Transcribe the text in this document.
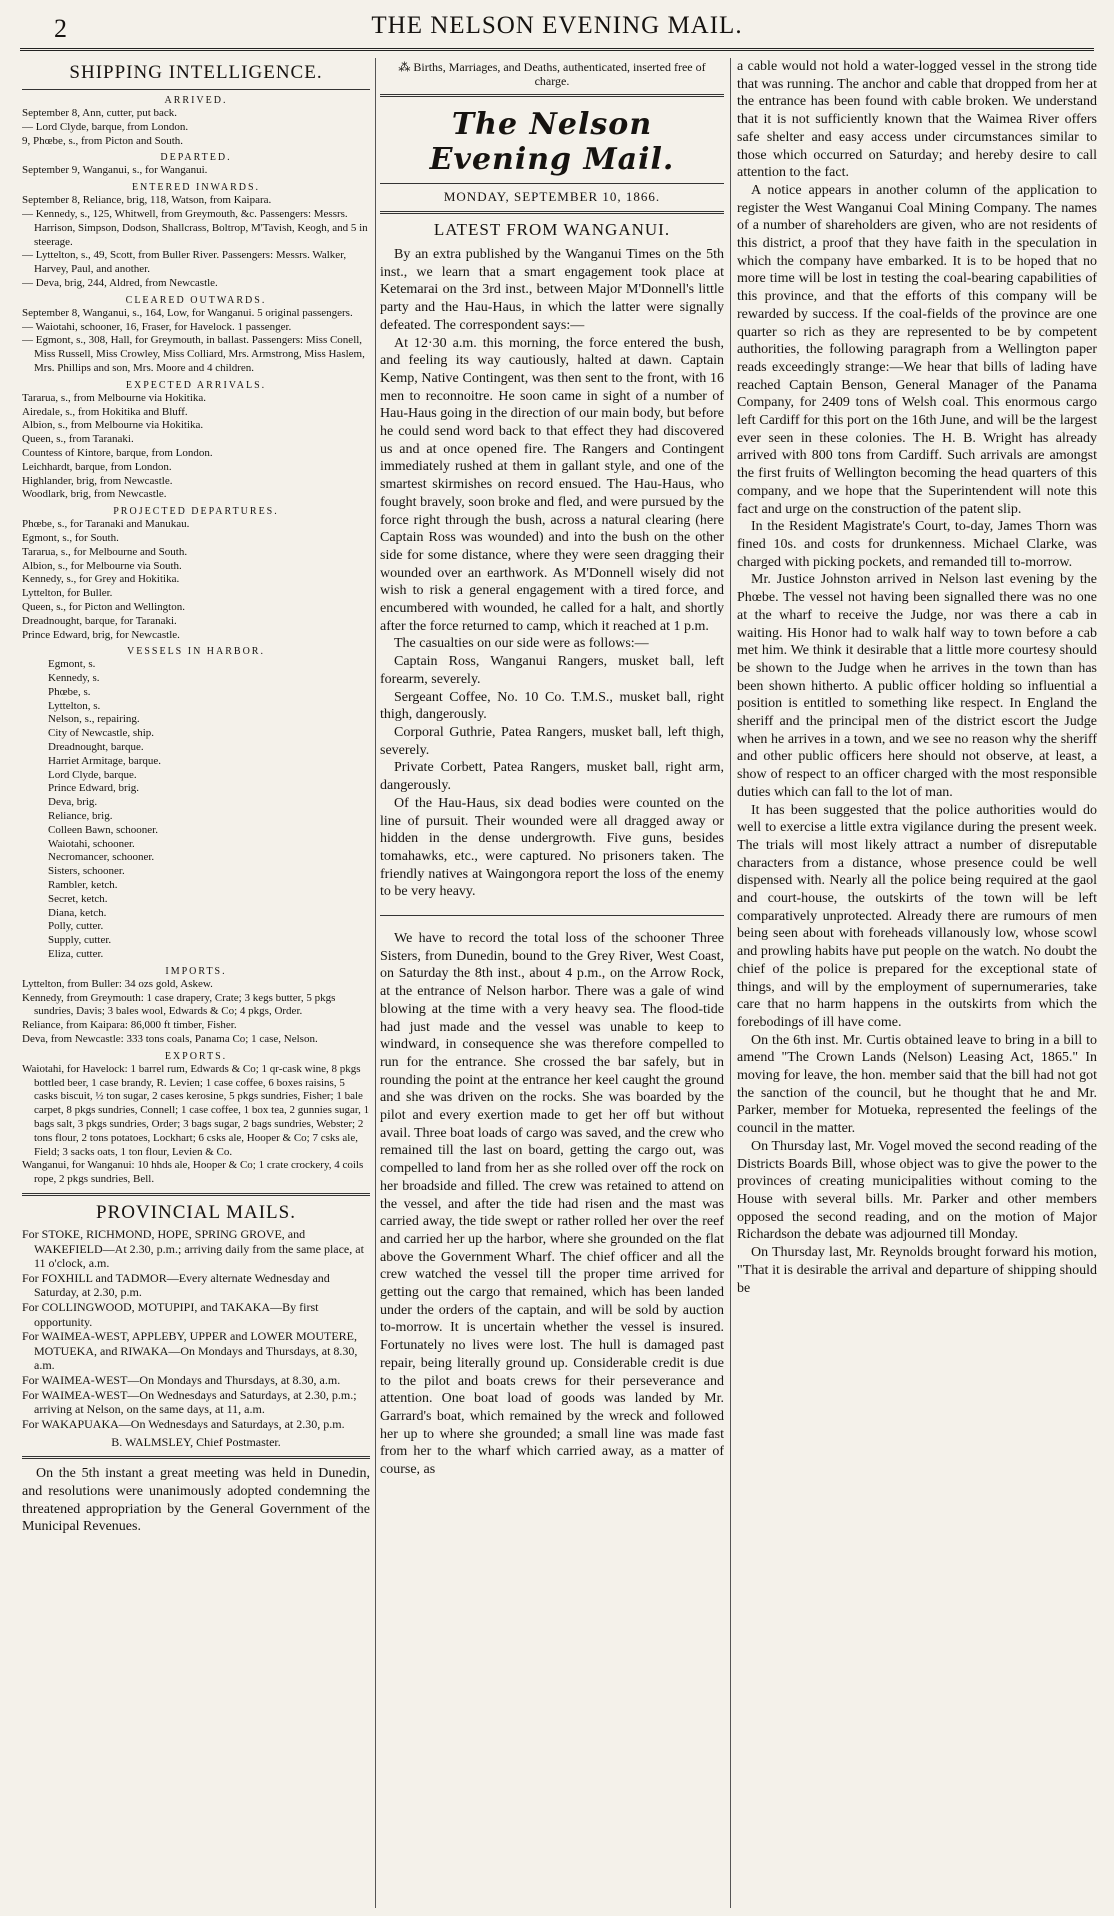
2	THE NELSON EVENING MAIL.
SHIPPING INTELLIGENCE.
ARRIVED.

September 8, Ann, cutter, put back.

— Lord Clyde, barque, from London.

9, Phœbe, s., from Picton and South.

DEPARTED.

September 9, Wanganui, s., for Wanganui.

ENTERED INWARDS.

September 8, Reliance, brig, 118, Watson, from Kaipara.

— Kennedy, s., 125, Whitwell, from Greymouth, &c. Passengers: Messrs. Harrison, Simpson, Dodson, Shallcrass, Boltrop, M'Tavish, Keogh, and 5 in steerage.

— Lyttelton, s., 49, Scott, from Buller River. Passengers: Messrs. Walker, Harvey, Paul, and another.

— Deva, brig, 244, Aldred, from Newcastle.

CLEARED OUTWARDS.

September 8, Wanganui, s., 164, Low, for Wanganui. 5 original passengers.

— Waiotahi, schooner, 16, Fraser, for Havelock. 1 passenger.

— Egmont, s., 308, Hall, for Greymouth, in ballast. Passengers: Miss Conell, Miss Russell, Miss Crowley, Miss Colliard, Mrs. Armstrong, Miss Haslem, Mrs. Phillips and son, Mrs. Moore and 4 children.

EXPECTED ARRIVALS.

Tararua, s., from Melbourne via Hokitika.

Airedale, s., from Hokitika and Bluff.

Albion, s., from Melbourne via Hokitika.

Queen, s., from Taranaki.

Countess of Kintore, barque, from London.

Leichhardt, barque, from London.

Highlander, brig, from Newcastle.

Woodlark, brig, from Newcastle.

PROJECTED DEPARTURES.

Phœbe, s., for Taranaki and Manukau.

Egmont, s., for South.

Tararua, s., for Melbourne and South.

Albion, s., for Melbourne via South.

Kennedy, s., for Grey and Hokitika.

Lyttelton, for Buller.

Queen, s., for Picton and Wellington.

Dreadnought, barque, for Taranaki.

Prince Edward, brig, for Newcastle.

VESSELS IN HARBOR.

Egmont, s.

Kennedy, s.

Phœbe, s.

Lyttelton, s.

Nelson, s., repairing.

City of Newcastle, ship.

Dreadnought, barque.

Harriet Armitage, barque.

Lord Clyde, barque.

Prince Edward, brig.

Deva, brig.

Reliance, brig.

Colleen Bawn, schooner.

Waiotahi, schooner.

Necromancer, schooner.

Sisters, schooner.

Rambler, ketch.

Secret, ketch.

Diana, ketch.

Polly, cutter.

Supply, cutter.

Eliza, cutter.

IMPORTS.

Lyttelton, from Buller: 34 ozs gold, Askew.

Kennedy, from Greymouth: 1 case drapery, Crate; 3 kegs butter, 5 pkgs sundries, Davis; 3 bales wool, Edwards & Co; 4 pkgs, Order.

Reliance, from Kaipara: 86,000 ft timber, Fisher.

Deva, from Newcastle: 333 tons coals, Panama Co; 1 case, Nelson.

EXPORTS.

Waiotahi, for Havelock: 1 barrel rum, Edwards & Co; 1 qr-cask wine, 8 pkgs bottled beer, 1 case brandy, R. Levien; 1 case coffee, 6 boxes raisins, 5 casks biscuit, ½ ton sugar, 2 cases kerosine, 5 pkgs sundries, Fisher; 1 bale carpet, 8 pkgs sundries, Connell; 1 case coffee, 1 box tea, 2 gunnies sugar, 1 bags salt, 3 pkgs sundries, Order; 3 bags sugar, 2 bags sundries, Webster; 2 tons flour, 2 tons potatoes, Lockhart; 6 csks ale, Hooper & Co; 7 csks ale, Field; 3 sacks oats, 1 ton flour, Levien & Co.

Wanganui, for Wanganui: 10 hhds ale, Hooper & Co; 1 crate crockery, 4 coils rope, 2 pkgs sundries, Bell.

PROVINCIAL MAILS.

For STOKE, RICHMOND, HOPE, SPRING GROVE, and WAKEFIELD—At 2.30, p.m.; arriving daily from the same place, at 11 o'clock, a.m.

For FOXHILL and TADMOR—Every alternate Wednesday and Saturday, at 2.30, p.m.

For COLLINGWOOD, MOTUPIPI, and TAKAKA—By first opportunity.

For WAIMEA-WEST, APPLEBY, UPPER and LOWER MOUTERE, MOTUEKA, and RIWAKA—On Mondays and Thursdays, at 8.30, a.m.

For WAIMEA-WEST—On Mondays and Thursdays, at 8.30, a.m.

For WAIMEA-WEST—On Wednesdays and Saturdays, at 2.30, p.m.; arriving at Nelson, on the same days, at 11, a.m.

For WAKAPUAKA—On Wednesdays and Saturdays, at 2.30, p.m.

B. WALMSLEY, Chief Postmaster.

On the 5th instant a great meeting was held in Dunedin, and resolutions were unanimously adopted condemning the threatened appropriation by the General Government of the Municipal Revenues.

⁂ Births, Marriages, and Deaths, authenticated, inserted free of charge.

The Nelson Evening Mail.
MONDAY, SEPTEMBER 10, 1866.
LATEST FROM WANGANUI.

By an extra published by the Wanganui Times on the 5th inst., we learn that a smart engagement took place at Ketemarai on the 3rd inst., between Major M'Donnell's little party and the Hau-Haus, in which the latter were signally defeated. The correspondent says:—

At 12·30 a.m. this morning, the force entered the bush, and feeling its way cautiously, halted at dawn. Captain Kemp, Native Contingent, was then sent to the front, with 16 men to reconnoitre. He soon came in sight of a number of Hau-Haus going in the direction of our main body, but before he could send word back to that effect they had discovered us and at once opened fire. The Rangers and Contingent immediately rushed at them in gallant style, and one of the smartest skirmishes on record ensued. The Hau-Haus, who fought bravely, soon broke and fled, and were pursued by the force right through the bush, across a natural clearing (here Captain Ross was wounded) and into the bush on the other side for some distance, where they were seen dragging their wounded over an earthwork. As M'Donnell wisely did not wish to risk a general engagement with a tired force, and encumbered with wounded, he called for a halt, and shortly after the force returned to camp, which it reached at 1 p.m.

The casualties on our side were as follows:—

Captain Ross, Wanganui Rangers, musket ball, left forearm, severely.

Sergeant Coffee, No. 10 Co. T.M.S., musket ball, right thigh, dangerously.

Corporal Guthrie, Patea Rangers, musket ball, left thigh, severely.

Private Corbett, Patea Rangers, musket ball, right arm, dangerously.

Of the Hau-Haus, six dead bodies were counted on the line of pursuit. Their wounded were all dragged away or hidden in the dense undergrowth. Five guns, besides tomahawks, etc., were captured. No prisoners taken. The friendly natives at Waingongora report the loss of the enemy to be very heavy.

We have to record the total loss of the schooner Three Sisters, from Dunedin, bound to the Grey River, West Coast, on Saturday the 8th inst., about 4 p.m., on the Arrow Rock, at the entrance of Nelson harbor. There was a gale of wind blowing at the time with a very heavy sea. The flood-tide had just made and the vessel was unable to keep to windward, in consequence she was therefore compelled to run for the entrance. She crossed the bar safely, but in rounding the point at the entrance her keel caught the ground and she was driven on the rocks. She was boarded by the pilot and every exertion made to get her off but without avail. Three boat loads of cargo was saved, and the crew who remained till the last on board, getting the cargo out, was compelled to land from her as she rolled over off the rock on her broadside and filled. The crew was retained to attend on the vessel, and after the tide had risen and the mast was carried away, the tide swept or rather rolled her over the reef and carried her up the harbor, where she grounded on the flat above the Government Wharf. The chief officer and all the crew watched the vessel till the proper time arrived for getting out the cargo that remained, which has been landed under the orders of the captain, and will be sold by auction to-morrow. It is uncertain whether the vessel is insured. Fortunately no lives were lost. The hull is damaged past repair, being literally ground up. Considerable credit is due to the pilot and boats crews for their perseverance and attention. One boat load of goods was landed by Mr. Garrard's boat, which remained by the wreck and followed her up to where she grounded; a small line was made fast from her to the wharf which carried away, as a matter of course, as

a cable would not hold a water-logged vessel in the strong tide that was running. The anchor and cable that dropped from her at the entrance has been found with cable broken. We understand that it is not sufficiently known that the Waimea River offers safe shelter and easy access under circumstances similar to those which occurred on Saturday; and hereby desire to call attention to the fact.

A notice appears in another column of the application to register the West Wanganui Coal Mining Company. The names of a number of shareholders are given, who are not residents of this district, a proof that they have faith in the speculation in which the company have embarked. It is to be hoped that no more time will be lost in testing the coal-bearing capabilities of this province, and that the efforts of this company will be rewarded by success. If the coal-fields of the province are one quarter so rich as they are represented to be by competent authorities, the following paragraph from a Wellington paper reads exceedingly strange:—We hear that bills of lading have reached Captain Benson, General Manager of the Panama Company, for 2409 tons of Welsh coal. This enormous cargo left Cardiff for this port on the 16th June, and will be the largest ever seen in these colonies. The H. B. Wright has already arrived with 800 tons from Cardiff. Such arrivals are amongst the first fruits of Wellington becoming the head quarters of this company, and we hope that the Superintendent will note this fact and urge on the construction of the patent slip.

In the Resident Magistrate's Court, to-day, James Thorn was fined 10s. and costs for drunkenness. Michael Clarke, was charged with picking pockets, and remanded till to-morrow.

Mr. Justice Johnston arrived in Nelson last evening by the Phœbe. The vessel not having been signalled there was no one at the wharf to receive the Judge, nor was there a cab in waiting. His Honor had to walk half way to town before a cab met him. We think it desirable that a little more courtesy should be shown to the Judge when he arrives in the town than has been shown hitherto. A public officer holding so influential a position is entitled to something like respect. In England the sheriff and the principal men of the district escort the Judge when he arrives in a town, and we see no reason why the sheriff and other public officers here should not observe, at least, a show of respect to an officer charged with the most responsible duties which can fall to the lot of man.

It has been suggested that the police authorities would do well to exercise a little extra vigilance during the present week. The trials will most likely attract a number of disreputable characters from a distance, whose presence could be well dispensed with. Nearly all the police being required at the gaol and court-house, the outskirts of the town will be left comparatively unprotected. Already there are rumours of men being seen about with foreheads villanously low, whose scowl and prowling habits have put people on the watch. No doubt the chief of the police is prepared for the exceptional state of things, and will by the employment of supernumeraries, take care that no harm happens in the outskirts from which the forebodings of ill have come.

On the 6th inst. Mr. Curtis obtained leave to bring in a bill to amend "The Crown Lands (Nelson) Leasing Act, 1865." In moving for leave, the hon. member said that the bill had not got the sanction of the council, but he thought that he and Mr. Parker, member for Motueka, represented the feelings of the council in the matter.

On Thursday last, Mr. Vogel moved the second reading of the Districts Boards Bill, whose object was to give the power to the provinces of creating municipalities without coming to the House with several bills. Mr. Parker and other members opposed the second reading, and on the motion of Major Richardson the debate was adjourned till Monday.

On Thursday last, Mr. Reynolds brought forward his motion, "That it is desirable the arrival and departure of shipping should be
